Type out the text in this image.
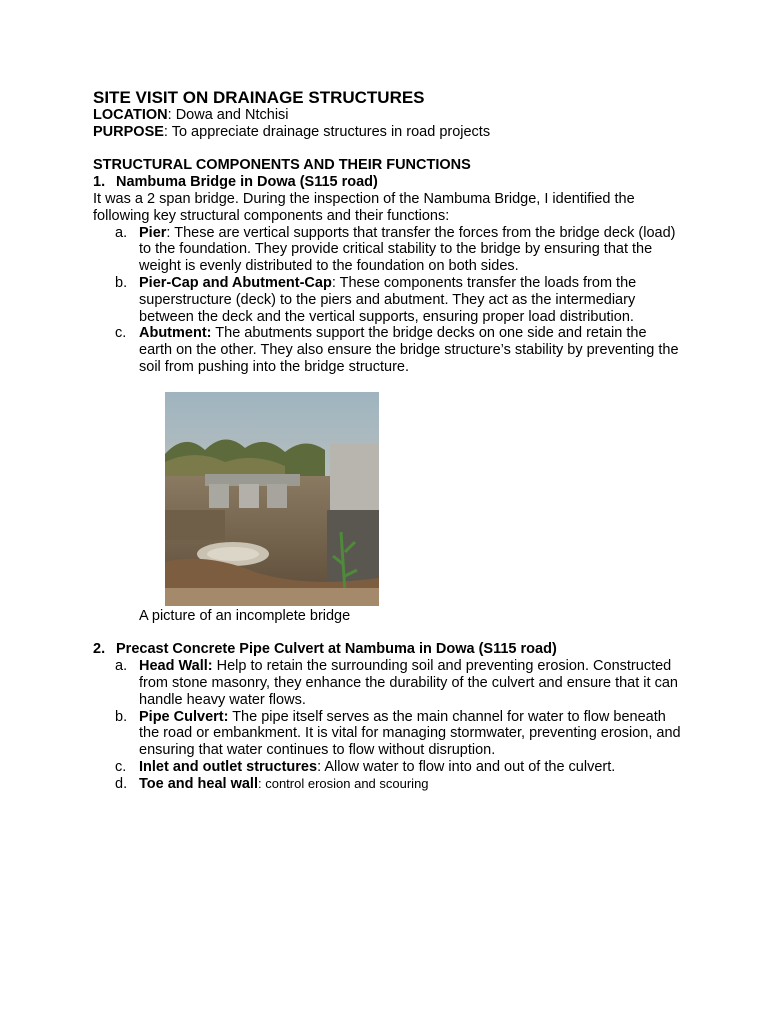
SITE VISIT ON DRAINAGE STRUCTURES
LOCATION: Dowa and Ntchisi
PURPOSE: To appreciate drainage structures in road projects
STRUCTURAL COMPONENTS AND THEIR FUNCTIONS
1. Nambuma Bridge in Dowa (S115 road)
It was a 2 span bridge. During the inspection of the Nambuma Bridge, I identified the following key structural components and their functions:
a. Pier: These are vertical supports that transfer the forces from the bridge deck (load) to the foundation. They provide critical stability to the bridge by ensuring that the weight is evenly distributed to the foundation on both sides.
b. Pier-Cap and Abutment-Cap: These components transfer the loads from the superstructure (deck) to the piers and abutment. They act as the intermediary between the deck and the vertical supports, ensuring proper load distribution.
c. Abutment: The abutments support the bridge decks on one side and retain the earth on the other. They also ensure the bridge structure’s stability by preventing the soil from pushing into the bridge structure.
A picture of an incomplete bridge
2. Precast Concrete Pipe Culvert at Nambuma in Dowa (S115 road)
a. Head Wall: Help to retain the surrounding soil and preventing erosion. Constructed from stone masonry, they enhance the durability of the culvert and ensure that it can handle heavy water flows.
b. Pipe Culvert: The pipe itself serves as the main channel for water to flow beneath the road or embankment. It is vital for managing stormwater, preventing erosion, and ensuring that water continues to flow without disruption.
c. Inlet and outlet structures: Allow water to flow into and out of the culvert.
d. Toe and heal wall: control erosion and scouring
